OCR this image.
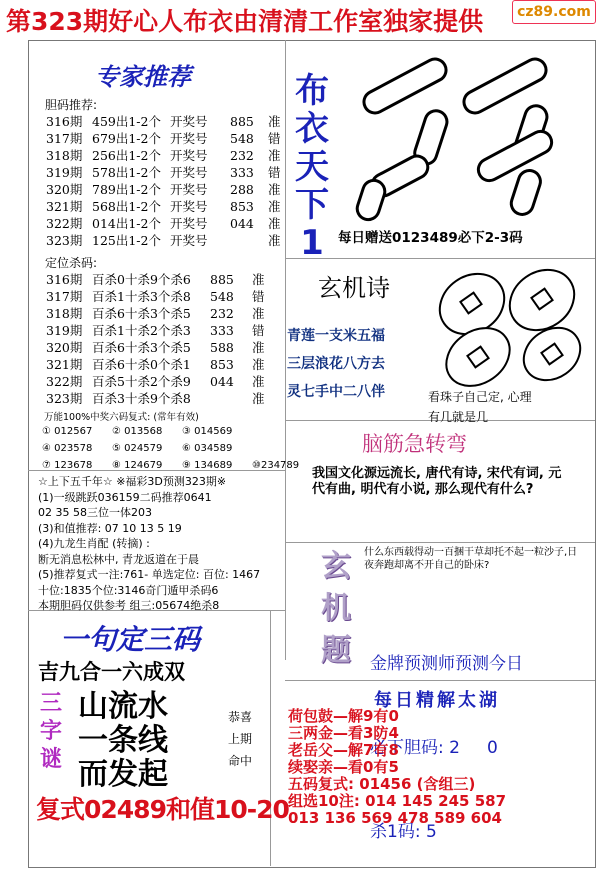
第323期好心人布衣由清清工作室独家提供	cz89.com
专家推荐
胆码推荐:
316期 459出1-2个 开奖号 885 准
317期 679出1-2个 开奖号 548 错
318期 256出1-2个 开奖号 232 准
319期 578出1-2个 开奖号 333 错
320期 789出1-2个 开奖号 288 准
321期 568出1-2个 开奖号 853 准
322期 014出1-2个 开奖号 044 准
323期 125出1-2个 开奖号	准
定位杀码:
316期 百杀0十杀9个杀6 885 准
317期 百杀1十杀3个杀8 548 错
318期 百杀6十杀3个杀5 232 准
319期 百杀1十杀2个杀3 333 错
320期 百杀6十杀3个杀5 588 准
321期 百杀6十杀0个杀1 853 准
322期 百杀5十杀2个杀9 044 准
323期 百杀3十杀9个杀8	准
万能100%中奖六码复式: (常年有效)
① 012567 ② 013568 ③ 014569
④ 023578 ⑤ 024579 ⑥ 034589
⑦ 123678 ⑧ 124679 ⑨ 134689 ⑩234789
☆上下五千年☆ ※福彩3D预测323期※
(1)一级跳跃036159二码推荐0641
02 35 58三位一体203
(3)和值推荐: 07 10 13 5 19
(4)九龙生肖配 (转摘) :
断无消息松林中, 青龙返道在于晨
(5)推荐复式一注:761- 单选定位: 百位: 1467
十位:1835个位:3146奇门遁甲杀码6
本期胆码仅供参考 组三:05674绝杀8
一句定三码
吉九合一六成双
三字谜
山流水
一条线
而发起
恭喜
上期
命中
复式02489和值10-20
布衣天下1	每日赠送0123489必下2-3码
玄机诗
青莲一支米五福
三层浪花八方去
灵七手中二八伴	看珠子自己定, 心理
有几就是几
脑筋急转弯
我国文化源远流长, 唐代有诗, 宋代有词, 元代有曲, 明代有小说, 那么现代有什么?
玄机题
什么东西载得动一百捆干草却托不起一粒沙子,日夜奔跑却离不开自己的卧床?

金牌预测师预测今日

必下胆码: 2     0

杀1码: 5

每日精解太湖
荷包鼓—解9有0
三两金—看3防4
老岳父—解7有8
续娶亲—看0有5
五码复式: 01456 (含组三)
组选10注: 014 145 245 587
013 136 569 478 589 604
